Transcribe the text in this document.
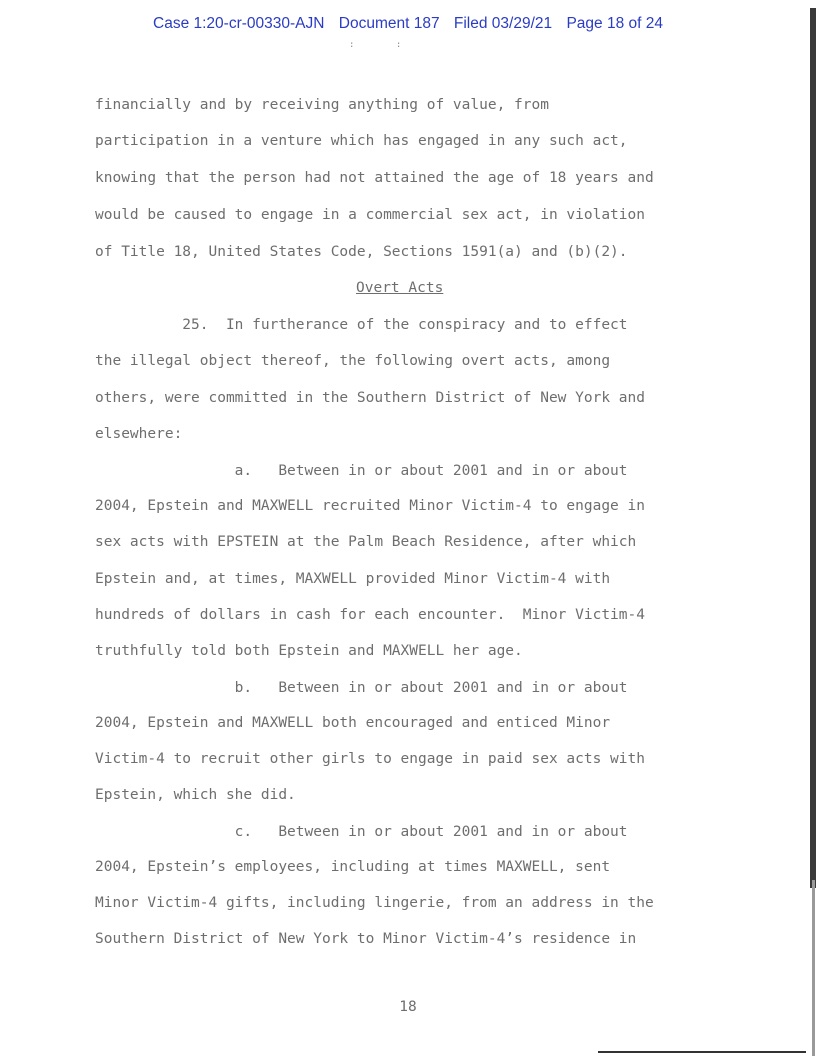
Case 1:20-cr-00330-AJN Document 187 Filed 03/29/21 Page 18 of 24
: :
financially and by receiving anything of value, from
participation in a venture which has engaged in any such act,
knowing that the person had not attained the age of 18 years and
would be caused to engage in a commercial sex act, in violation
of Title 18, United States Code, Sections 1591(a) and (b)(2).
Overt Acts
25.  In furtherance of the conspiracy and to effect
the illegal object thereof, the following overt acts, among
others, were committed in the Southern District of New York and
elsewhere:
a.   Between in or about 2001 and in or about
2004, Epstein and MAXWELL recruited Minor Victim-4 to engage in
sex acts with EPSTEIN at the Palm Beach Residence, after which
Epstein and, at times, MAXWELL provided Minor Victim-4 with
hundreds of dollars in cash for each encounter.  Minor Victim-4
truthfully told both Epstein and MAXWELL her age.
b.   Between in or about 2001 and in or about
2004, Epstein and MAXWELL both encouraged and enticed Minor
Victim-4 to recruit other girls to engage in paid sex acts with
Epstein, which she did.
c.   Between in or about 2001 and in or about
2004, Epstein’s employees, including at times MAXWELL, sent
Minor Victim-4 gifts, including lingerie, from an address in the
Southern District of New York to Minor Victim-4’s residence in
18
